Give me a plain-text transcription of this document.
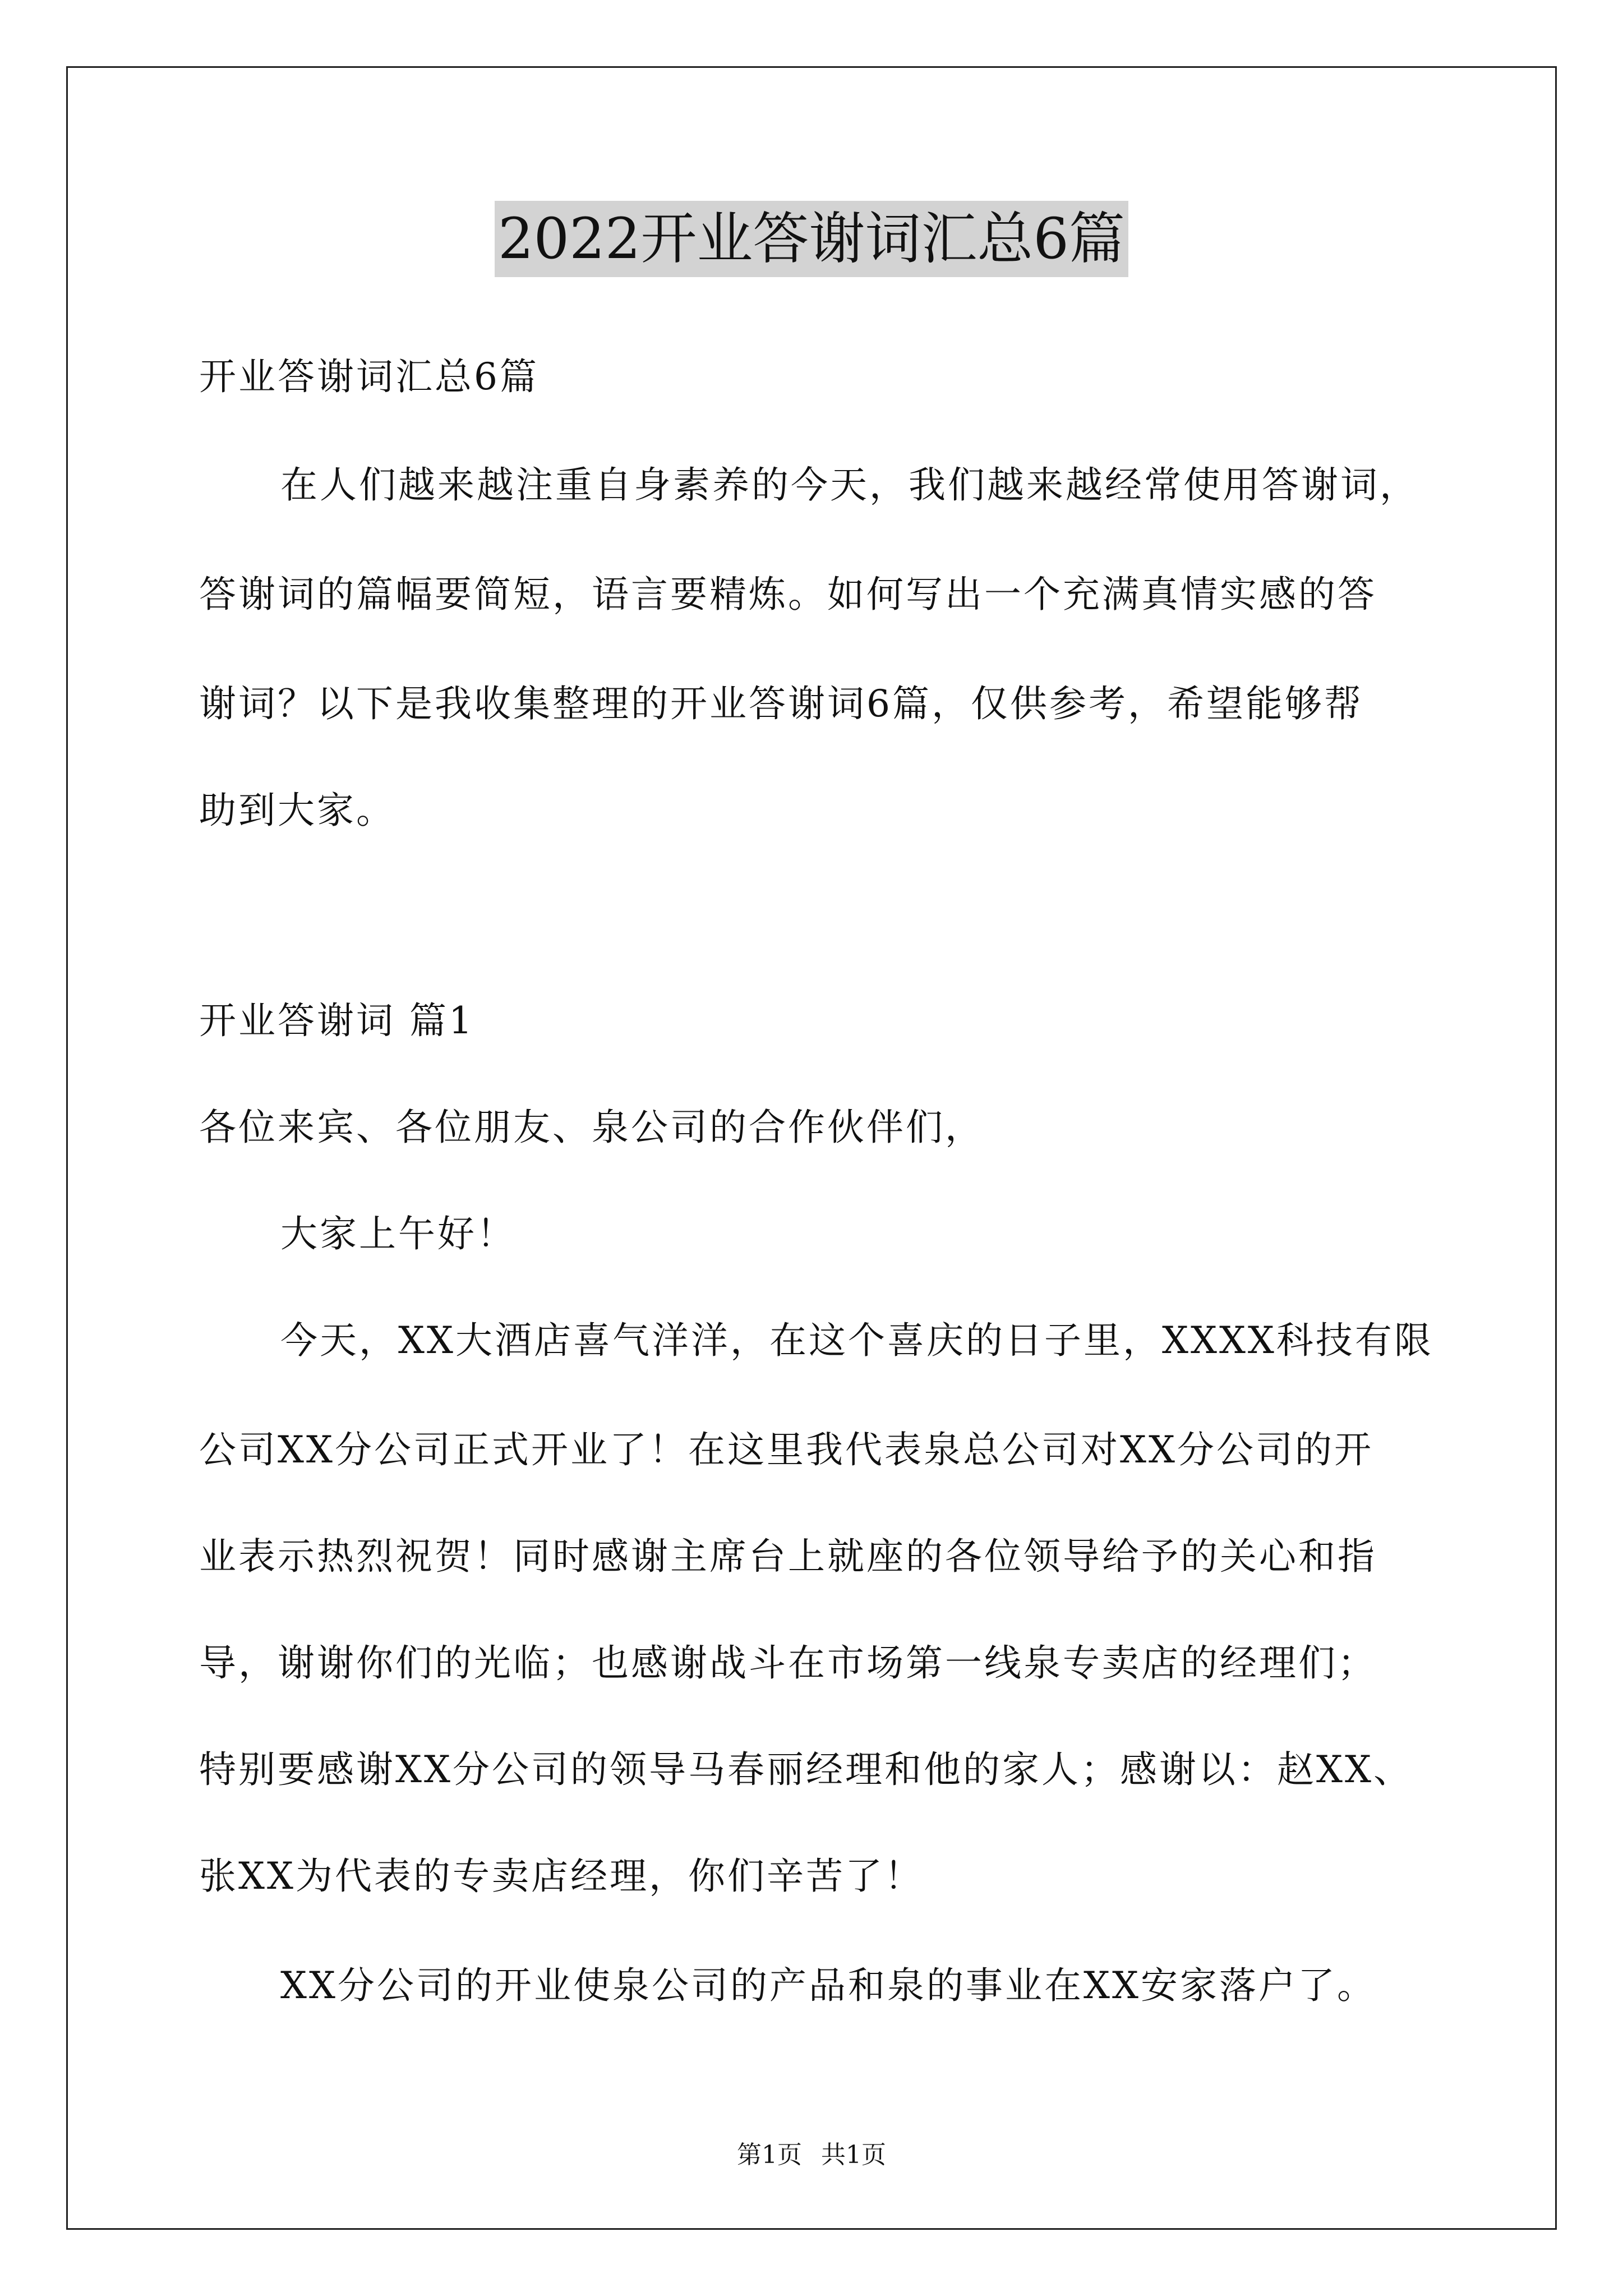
2022开业答谢词汇总6篇
开业答谢词汇总6篇
在人们越来越注重自身素养的今天，我们越来越经常使用答谢词，
答谢词的篇幅要简短，语言要精炼。如何写出一个充满真情实感的答
谢词？以下是我收集整理的开业答谢词6篇，仅供参考，希望能够帮
助到大家。
开业答谢词 篇1
各位来宾、各位朋友、泉公司的合作伙伴们，
大家上午好！
今天，XX大酒店喜气洋洋，在这个喜庆的日子里，XXXX科技有限
公司XX分公司正式开业了！在这里我代表泉总公司对XX分公司的开
业表示热烈祝贺！同时感谢主席台上就座的各位领导给予的关心和指
导，谢谢你们的光临；也感谢战斗在市场第一线泉专卖店的经理们；
特别要感谢XX分公司的领导马春丽经理和他的家人；感谢以：赵XX、
张XX为代表的专卖店经理，你们辛苦了！
XX分公司的开业使泉公司的产品和泉的事业在XX安家落户了。
第1页 共1页
